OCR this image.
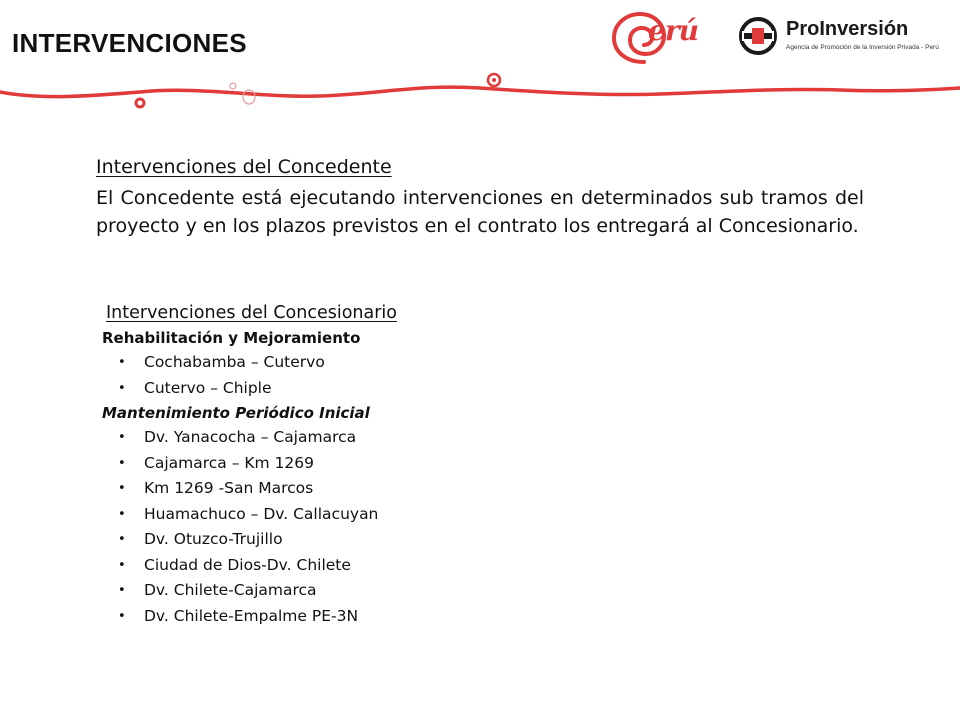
INTERVENCIONES	erú	ProInversión
Agencia de Promoción de la Inversión Privada - Perú
Intervenciones del Concedente
El Concedente está ejecutando intervenciones en determinados sub tramos del proyecto y en los plazos previstos en el contrato los entregará al Concesionario.
Intervenciones del Concesionario
Rehabilitación y Mejoramiento
• Cochabamba – Cutervo
• Cutervo – Chiple
Mantenimiento Periódico Inicial
• Dv. Yanacocha – Cajamarca
• Cajamarca – Km 1269
• Km 1269 -San Marcos
• Huamachuco – Dv. Callacuyan
• Dv. Otuzco-Trujillo
• Ciudad de Dios-Dv. Chilete
• Dv. Chilete-Cajamarca
• Dv. Chilete-Empalme PE-3N
